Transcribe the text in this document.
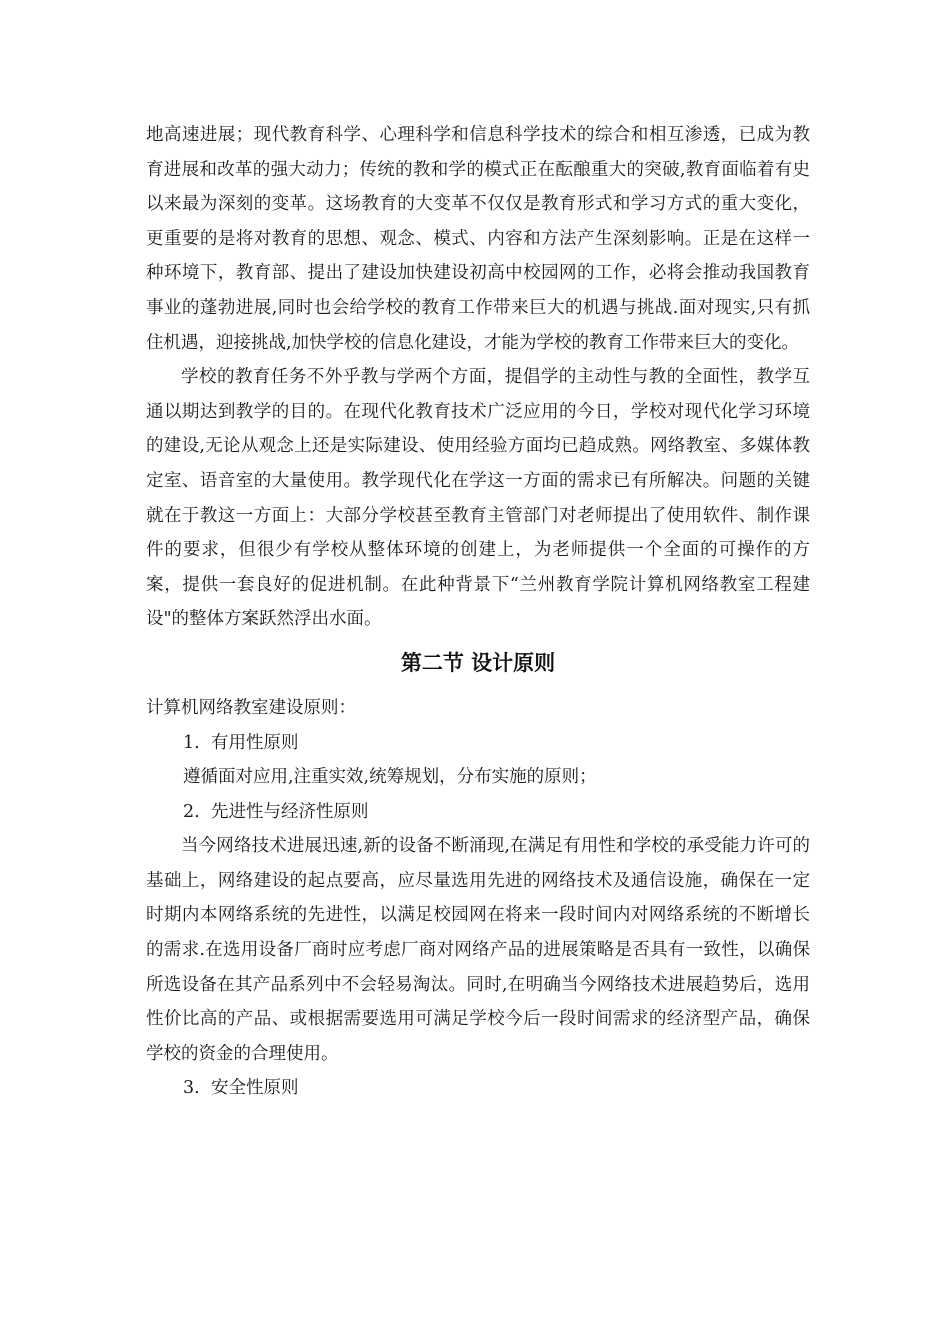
地高速进展；现代教育科学、心理科学和信息科学技术的综合和相互渗透，已成为教育进展和改革的强大动力；传统的教和学的模式正在酝酿重大的突破,教育面临着有史以来最为深刻的变革。这场教育的大变革不仅仅是教育形式和学习方式的重大变化，更重要的是将对教育的思想、观念、模式、内容和方法产生深刻影响。正是在这样一种环境下，教育部、提出了建设加快建设初高中校园网的工作，必将会推动我国教育事业的蓬勃进展,同时也会给学校的教育工作带来巨大的机遇与挑战.面对现实,只有抓住机遇，迎接挑战,加快学校的信息化建设，才能为学校的教育工作带来巨大的变化。

学校的教育任务不外乎教与学两个方面，提倡学的主动性与教的全面性，教学互通以期达到教学的目的。在现代化教育技术广泛应用的今日，学校对现代化学习环境的建设,无论从观念上还是实际建设、使用经验方面均已趋成熟。网络教室、多媒体教定室、语音室的大量使用。教学现代化在学这一方面的需求已有所解决。问题的关键就在于教这一方面上：大部分学校甚至教育主管部门对老师提出了使用软件、制作课件的要求，但很少有学校从整体环境的创建上，为老师提供一个全面的可操作的方案，提供一套良好的促进机制。在此种背景下“兰州教育学院计算机网络教室工程建设"的整体方案跃然浮出水面。

第二节 设计原则

计算机网络教室建设原则：

1. 有用性原则

遵循面对应用,注重实效,统筹规划，分布实施的原则；

2. 先进性与经济性原则

当今网络技术进展迅速,新的设备不断涌现,在满足有用性和学校的承受能力许可的基础上，网络建设的起点要高，应尽量选用先进的网络技术及通信设施，确保在一定时期内本网络系统的先进性，以满足校园网在将来一段时间内对网络系统的不断增长的需求.在选用设备厂商时应考虑厂商对网络产品的进展策略是否具有一致性，以确保所选设备在其产品系列中不会轻易淘汰。同时,在明确当今网络技术进展趋势后，选用性价比高的产品、或根据需要选用可满足学校今后一段时间需求的经济型产品，确保学校的资金的合理使用。

3. 安全性原则
